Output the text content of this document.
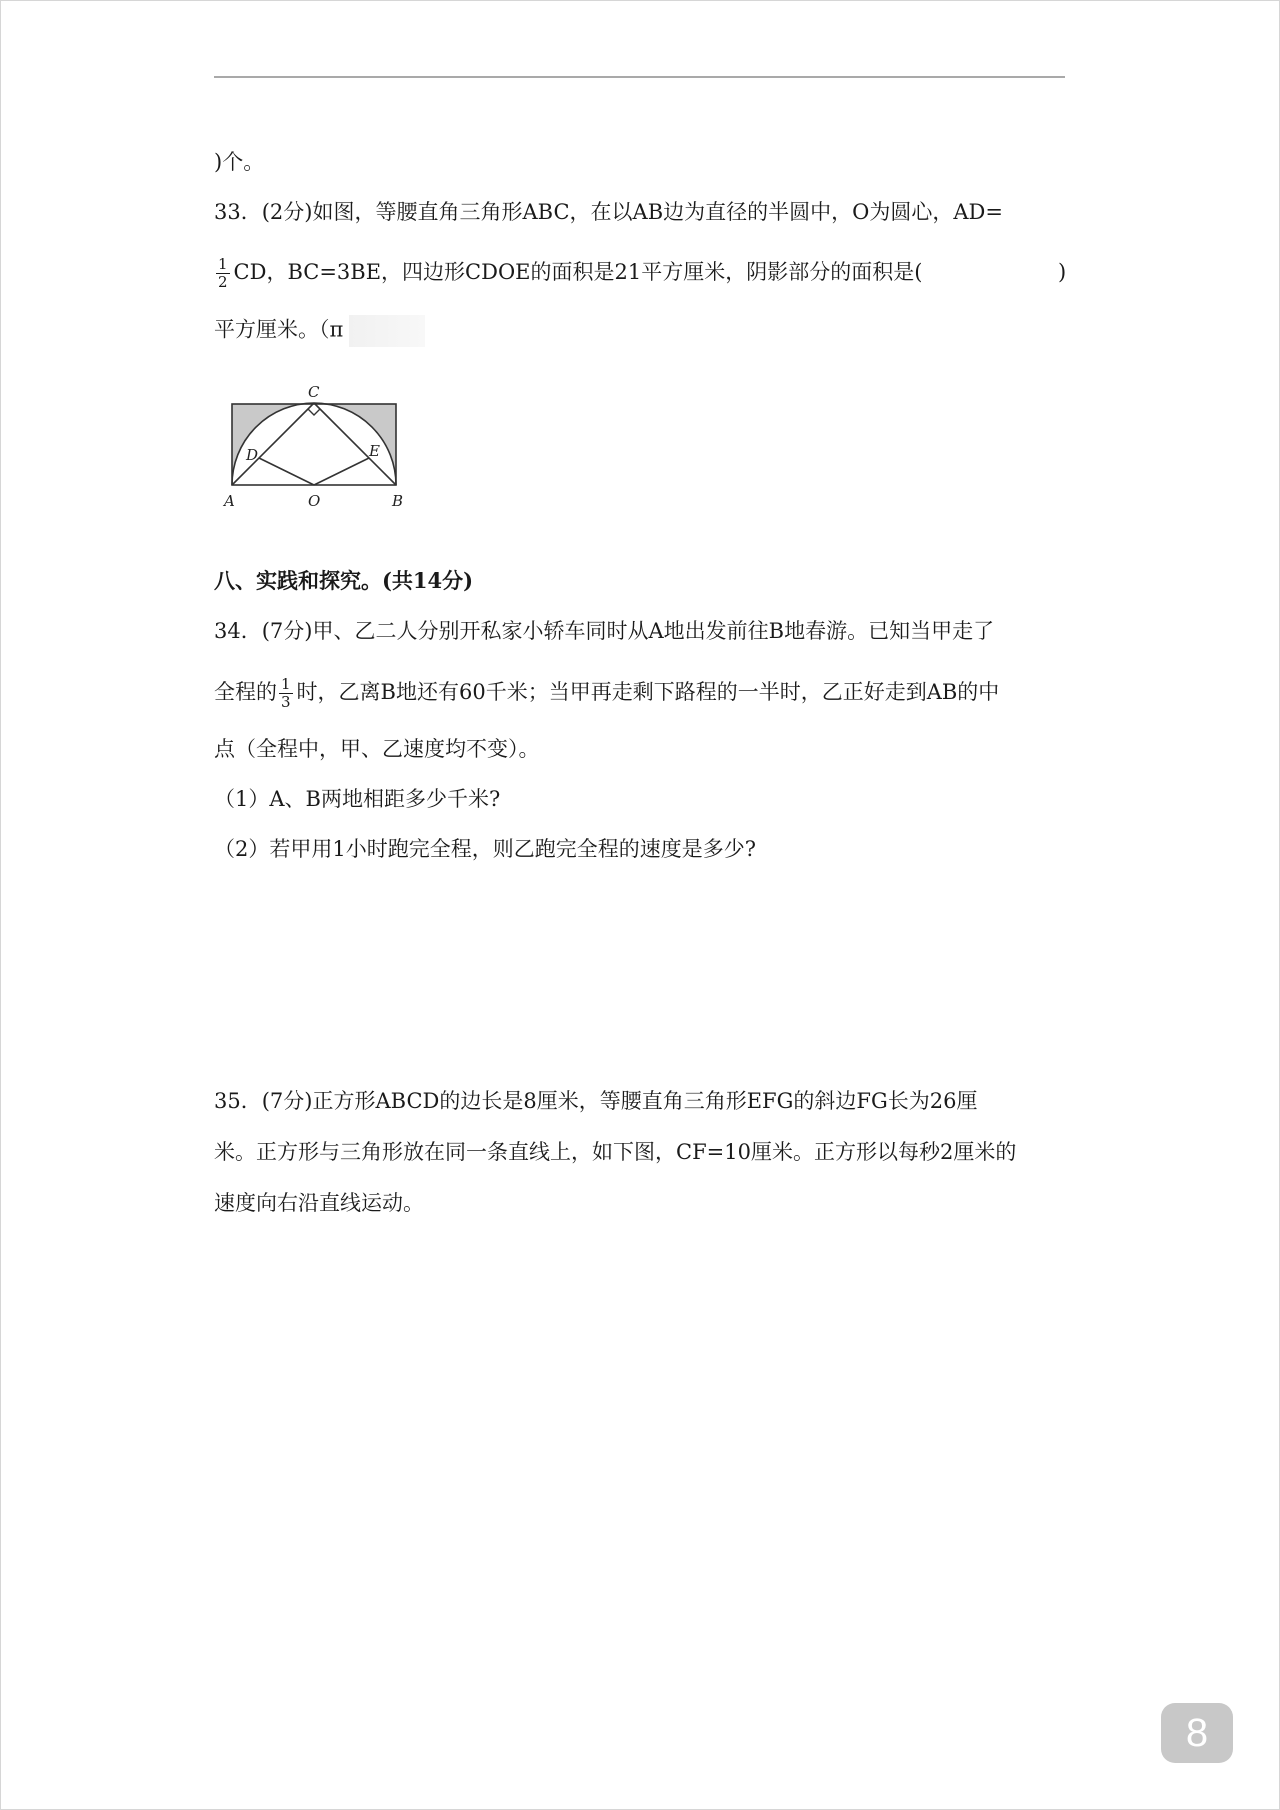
)个。
33．(2分)如图，等腰直角三角形ABC，在以AB边为直径的半圆中，O为圆心，AD=
$\frac{1}{2}$ CD，BC=3BE，四边形CDOE的面积是21平方厘米，阴影部分的面积是(	)
平方厘米。（π
C
D	E
A	O	B
八、实践和探究。(共14分)
34．(7分)甲、乙二人分别开私家小轿车同时从A地出发前往B地春游。已知当甲走了
全程的 $\frac{1}{3}$ 时，乙离B地还有60千米；当甲再走剩下路程的一半时，乙正好走到AB的中
点（全程中，甲、乙速度均不变）。
（1）A、B两地相距多少千米?
（2）若甲用1小时跑完全程，则乙跑完全程的速度是多少?
35．(7分)正方形ABCD的边长是8厘米，等腰直角三角形EFG的斜边FG长为26厘
米。正方形与三角形放在同一条直线上，如下图，CF=10厘米。正方形以每秒2厘米的
速度向右沿直线运动。
8
